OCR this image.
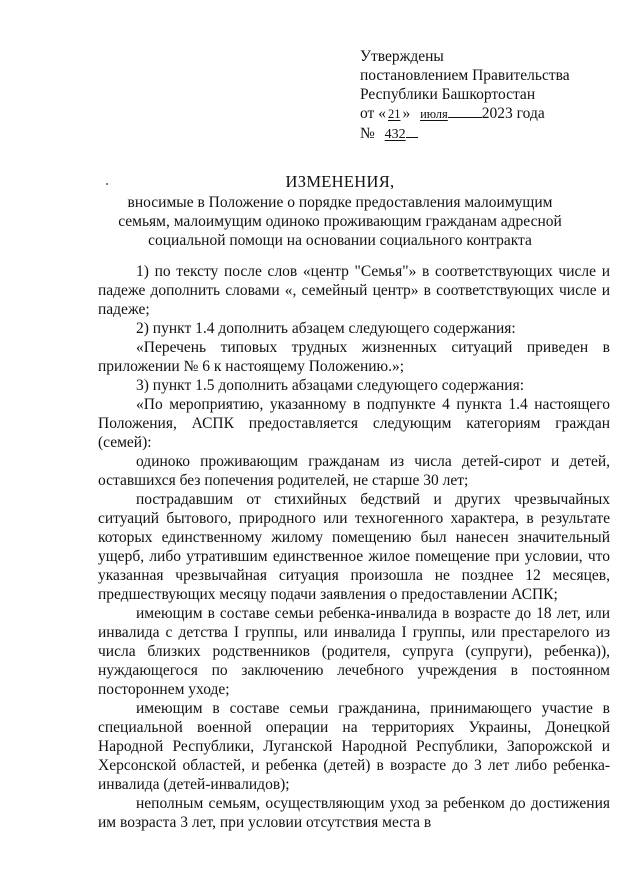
Утверждены
постановлением Правительства
Республики Башкортостан
от « 21 » июля 2023 года
№ 432
ИЗМЕНЕНИЯ,
вносимые в Положение о порядке предоставления малоимущим
семьям, малоимущим одиноко проживающим гражданам адресной
социальной помощи на основании социального контракта

1) по тексту после слов «центр "Семья"» в соответствующих числе и падеже дополнить словами «, семейный центр» в соответствующих числе и падеже;

2) пункт 1.4 дополнить абзацем следующего содержания:

«Перечень типовых трудных жизненных ситуаций приведен в приложении № 6 к настоящему Положению.»;

3) пункт 1.5 дополнить абзацами следующего содержания:

«По мероприятию, указанному в подпункте 4 пункта 1.4 настоящего Положения, АСПК предоставляется следующим категориям граждан (семей):

одиноко проживающим гражданам из числа детей-сирот и детей, оставшихся без попечения родителей, не старше 30 лет;

пострадавшим от стихийных бедствий и других чрезвычайных ситуаций бытового, природного или техногенного характера, в результате которых единственному жилому помещению был нанесен значительный ущерб, либо утратившим единственное жилое помещение при условии, что указанная чрезвычайная ситуация произошла не позднее 12 месяцев, предшествующих месяцу подачи заявления о предоставлении АСПК;

имеющим в составе семьи ребенка-инвалида в возрасте до 18 лет, или инвалида с детства I группы, или инвалида I группы, или престарелого из числа близких родственников (родителя, супруга (супруги), ребенка)), нуждающегося по заключению лечебного учреждения в постоянном постороннем уходе;

имеющим в составе семьи гражданина, принимающего участие в специальной военной операции на территориях Украины, Донецкой Народной Республики, Луганской Народной Республики, Запорожской и Херсонской областей, и ребенка (детей) в возрасте до 3 лет либо ребенка-инвалида (детей-инвалидов);

неполным семьям, осуществляющим уход за ребенком до достижения им возраста 3 лет, при условии отсутствия места в
